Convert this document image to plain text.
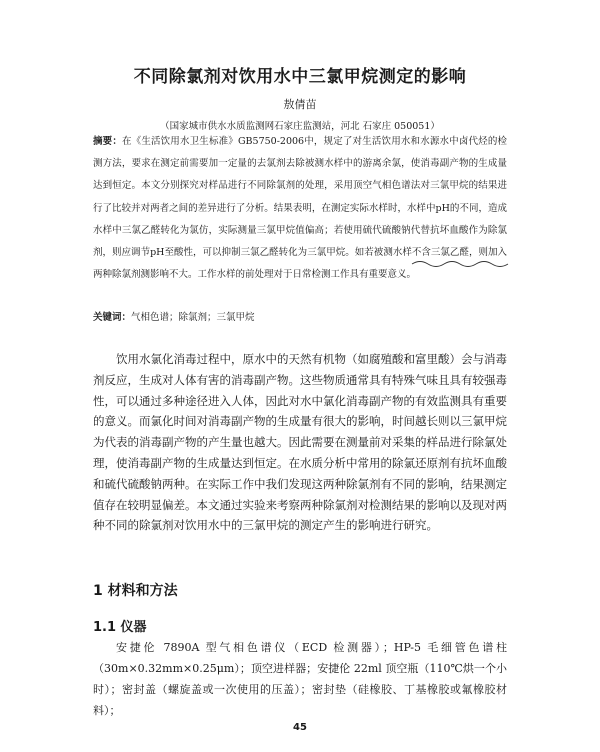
不同除氯剂对饮用水中三氯甲烷测定的影响

敖倩苗

（国家城市供水水质监测网石家庄监测站，河北 石家庄 050051）

摘要：在《生活饮用水卫生标准》GB5750-2006中，规定了对生活饮用水和水源水中卤代烃的检测方法，要求在测定前需要加一定量的去氯剂去除被测水样中的游离余氯，使消毒副产物的生成量达到恒定。本文分别探究对样品进行不同除氯剂的处理，采用顶空气相色谱法对三氯甲烷的结果进行了比较并对两者之间的差异进行了分析。结果表明，在测定实际水样时，水样中pH的不同，造成水样中三氯乙醛转化为氯仿，实际测量三氯甲烷值偏高；若使用硫代硫酸钠代替抗坏血酸作为除氯剂，则应调节pH至酸性，可以抑制三氯乙醛转化为三氯甲烷。如若被测水样不含三氯乙醛，则加入两种除氯剂测影响不大。工作水样的前处理对于日常检测工作具有重要意义。

关键词：气相色谱；除氯剂；三氯甲烷

饮用水氯化消毒过程中，原水中的天然有机物（如腐殖酸和富里酸）会与消毒剂反应，生成对人体有害的消毒副产物。这些物质通常具有特殊气味且具有较强毒性，可以通过多种途径进入人体，因此对水中氯化消毒副产物的有效监测具有重要的意义。而氯化时间对消毒副产物的生成量有很大的影响，时间越长则以三氯甲烷为代表的消毒副产物的产生量也越大。因此需要在测量前对采集的样品进行除氯处理，使消毒副产物的生成量达到恒定。在水质分析中常用的除氯还原剂有抗坏血酸和硫代硫酸钠两种。在实际工作中我们发现这两种除氯剂有不同的影响，结果测定值存在较明显偏差。本文通过实验来考察两种除氯剂对检测结果的影响以及现对两种不同的除氯剂对饮用水中的三氯甲烷的测定产生的影响进行研究。

1 材料和方法
1.1 仪器

安捷伦 7890A 型气相色谱仪（ECD 检测器）；HP-5 毛细管色谱柱（30m×0.32mm×0.25μm）；顶空进样器；安捷伦 22ml 顶空瓶（110℃烘一个小时）；密封盖（螺旋盖或一次使用的压盖）；密封垫（硅橡胶、丁基橡胶或氟橡胶材料）；

45
